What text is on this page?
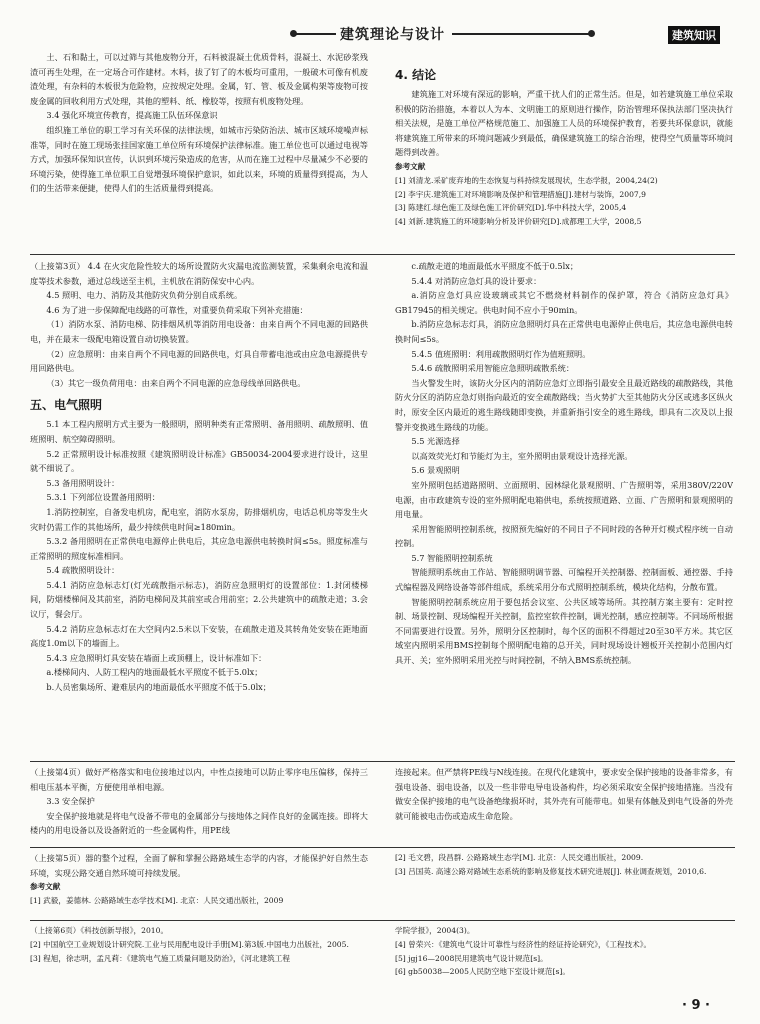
建筑理论与设计	建筑知识

土、石和黏土，可以过筛与其他废物分开，石料被混凝土优质骨料，混凝土、水泥砂浆残渣可再生处理，在一定场合可作建材。木料，拔了钉了的木板均可重用，一般破木可像有机废渣处理，有杂料的木板很为危险物，应按规定处理。金属，钉、管、板及金属构架等废物可按废金属的回收利用方式处理，其他的塑料、纸、橡胶等，按照有机废物处理。

3.4 强化环境宣传教育，提高施工队伍环保意识

组织施工单位的职工学习有关环保的法律法规，如城市污染防治法、城市区域环境噪声标准等，同时在施工现场张挂国家施工单位所有环境保护法律标准。施工单位也可以通过电视等方式，加强环保知识宣传，认识到环境污染造成的危害，从而在施工过程中尽量减少不必要的环境污染，使得施工单位职工自觉增强环境保护意识，如此以来，环境的质量得到提高，为人们的生活带来便捷，使得人们的生活质量得到提高。

4. 结论

建筑施工对环境有深远的影响，严重干扰人们的正常生活。但是，如若建筑施工单位采取积极的防治措施，本着以人为本、文明施工的原则进行操作，防治管理环保执法部门坚决执行相关法规，是施工单位严格规范施工、加强施工人员的环境保护教育，若要共环保意识，就能将建筑施工所带来的环境问题减少到最低，确保建筑施工的综合治理，使得空气质量等环境问题得到改善。

参考文献

[1] 刘清龙.采矿废弃地的生态恢复与科持续发展现状，生态学报，2004,24(2)

[2] 李宇庆.建筑施工对环境影响及保护和管理措施[J].建材与装饰，2007,9

[3] 陈建红.绿色施工及绿色施工评价研究[D].华中科技大学，2005,4

[4] 刘新.建筑施工的环境影响分析及评价研究[D].成都理工大学，2008,5

（上接第3页） 4.4 在火灾危险性较大的场所设置防火灾漏电流监测装置，采集剩余电流和温度等技术参数，通过总线送至主机，主机放在消防保安中心内。

4.5 照明、电力、消防及其他防灾负荷分别自成系统。

4.6 为了进一步保障配电线路的可靠性，对重要负荷采取下列补充措施：

（1）消防水泵、消防电梯、防排烟风机等消防用电设备：由来自两个不同电源的回路供电，并在最末一级配电箱设置自动切换装置。

（2）应急照明：由来自两个不同电源的回路供电，灯具自带蓄电池或由应急电源提供专用回路供电。

（3）其它一级负荷用电：由来自两个不同电源的应急母线单回路供电。

五、电气照明

5.1 本工程内照明方式主要为一般照明，照明种类有正常照明、备用照明、疏散照明、值班照明、航空障碍照明。

5.2 正常照明设计标准按照《建筑照明设计标准》GB50034-2004要求进行设计，这里就不细说了。

5.3 备用照明设计：

5.3.1 下列部位设置备用照明：

1.消防控制室，自备发电机房，配电室，消防水泵房，防排烟机房，电话总机房等发生火灾时仍需工作的其他场所，最少持续供电时间≥180min。

5.3.2 备用照明在正常供电电源停止供电后，其应急电源供电转换时间≤5s。照度标准与正常照明的照度标准相同。

5.4 疏散照明设计：

5.4.1 消防应急标志灯(灯光疏散指示标志)，消防应急照明灯的设置部位：1.封闭楼梯间，防烟楼梯间及其前室，消防电梯间及其前室或合用前室；2.公共建筑中的疏散走道；3.会议厅，餐会厅。

5.4.2 消防应急标志灯在大空间内2.5米以下安装，在疏散走道及其转角处安装在距地面高度1.0m以下的墙面上。

5.4.3 应急照明灯具安装在墙面上或顶棚上，设计标准如下：

a.楼梯间内、人防工程内的地面最低水平照度不低于5.0lx；

b.人员密集场所、避难层内的地面最低水平照度不低于5.0lx；

c.疏散走道的地面最低水平照度不低于0.5lx；

5.4.4 对消防应急灯具的设计要求：

a.消防应急灯具应设玻璃或其它不燃烧材料制作的保护罩，符合《消防应急灯具》GB17945的相关规定。供电时间不应小于90min。

b.消防应急标志灯具，消防应急照明灯具在正常供电电源停止供电后，其应急电源供电转换时间≤5s。

5.4.5 值班照明：利用疏散照明灯作为值班照明。

5.4.6 疏散照明采用智能应急照明疏散系统：

当火警发生时，该防火分区内的消防应急灯立即指引最安全且最近路线的疏散路线，其他防火分区的消防应急灯则指向最近的安全疏散路线；当火势扩大至其他防火分区或逃多区纵火时，原安全区内最近的逃生路线随即变换，并重新指引安全的逃生路线，即具有二次及以上报警并变换逃生路线的功能。

5.5 光源选择

以高效荧光灯和节能灯为主，室外照明由景观设计选择光源。

5.6 景观照明

室外照明包括道路照明、立面照明、园林绿化景观照明、广告照明等，采用380V/220V电源，由市政建筑专设的室外照明配电箱供电，系统按照道路、立面、广告照明和景观照明的用电量。

采用智能照明控制系统，按照预先编好的不同日子不同时段的各种开灯模式程序统一自动控制。

5.7 智能照明控制系统

智能照明系统由工作站、智能照明调节器、可编程开关控制器、控制面板、通控器、手持式编程器及网络设备等部件组成，系统采用分布式照明控制系统，模块化结构，分散布置。

智能照明控制系统应用于要包括会议室、公共区域等场所。其控制方案主要有：定时控制、场景控制、现场编程开关控制，监控室软件控制，调光控制，感应控制等。不同场所根据不同需要进行设置。另外，照明分区控制时，每个区的面积不得超过20至30平方米。其它区域室内照明采用BMS控制每个照明配电箱的总开关，同时现场设计翘板开关控制小范围内灯具开、关；室外照明采用光控与时间控制，不纳入BMS系统控制。

（上接第4页）做好严格落实和电位接地过以内，中性点接地可以防止零序电压偏移，保持三相电压基本平衡，方便使用单相电源。

3.3 安全保护

安全保护接地就是将电气设备不带电的金属部分与接地体之间作良好的金属连接。即将大楼内的用电设备以及设备附近的一些金属构件，用PE线

连接起来。但严禁将PE线与N线连接。在现代化建筑中，要求安全保护接地的设备非常多，有强电设备、弱电设备，以及一些非带电导电设备构件，均必须采取安全保护接地措施。当没有做安全保护接地的电气设备绝缘损坏时，其外壳有可能带电。如果有体触及到电气设备的外壳就可能被电击伤或造成生命危险。

（上接第5页）器的整个过程，全面了解和掌握公路路域生态学的内容，才能保护好自然生态环境，实现公路交通自然环境可持续发展。

参考文献

[1] 武毅，姜德林. 公路路域生态学技术[M]. 北京：人民交通出版社，2009

[2] 毛文碧，段昌群. 公路路域生态学[M]. 北京：人民交通出版社，2009.

[3] 吕国英. 高速公路对路域生态系统的影响及修复技术研究进展[J]. 林业调查规划，2010,6.

（上接第6页）《科技创新导报》，2010。

[2] 中国航空工业规划设计研究院.工业与民用配电设计手册[M].第3版.中国电力出版社，2005.

[3] 程旭，徐志明，孟凡莉：《建筑电气施工质量问题及防治》，《河北建筑工程

学院学报》，2004(3)。

[4] 曾荣兴：《建筑电气设计可靠性与经济性的经证持论研究》，《工程技术》。

[5] jgj16—2008民用建筑电气设计规范[s]。

[6] gb50038—2005人民防空地下室设计规范[s]。

· 9 ·
